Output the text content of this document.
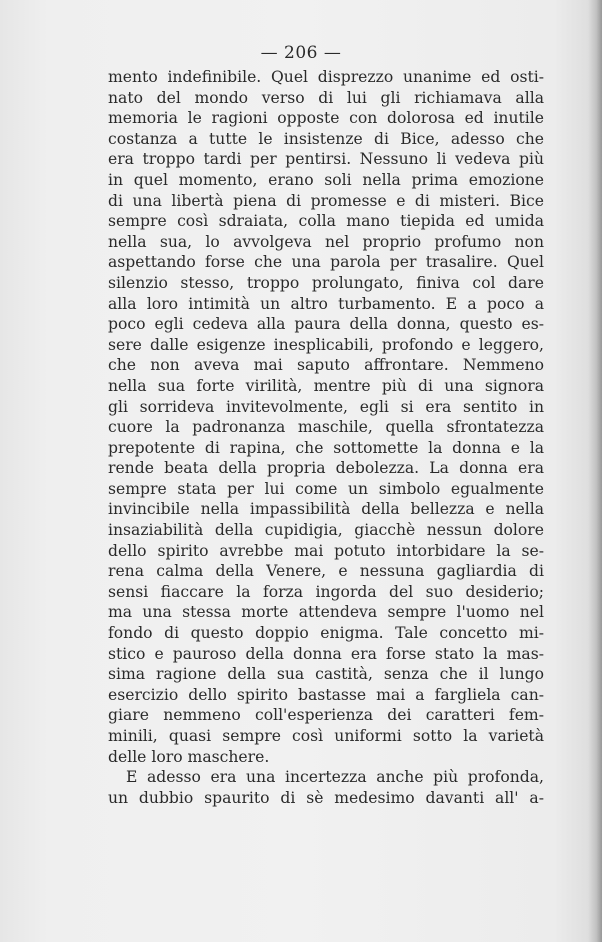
— 206 —
mento indefinibile. Quel disprezzo unanime ed osti-
nato del mondo verso di lui gli richiamava alla
memoria le ragioni opposte con dolorosa ed inutile
costanza a tutte le insistenze di Bice, adesso che
era troppo tardi per pentirsi. Nessuno li vedeva più
in quel momento, erano soli nella prima emozione
di una libertà piena di promesse e di misteri. Bice
sempre così sdraiata, colla mano tiepida ed umida
nella sua, lo avvolgeva nel proprio profumo non
aspettando forse che una parola per trasalire. Quel
silenzio stesso, troppo prolungato, finiva col dare
alla loro intimità un altro turbamento. E a poco a
poco egli cedeva alla paura della donna, questo es-
sere dalle esigenze inesplicabili, profondo e leggero,
che non aveva mai saputo affrontare. Nemmeno
nella sua forte virilità, mentre più di una signora
gli sorrideva invitevolmente, egli si era sentito in
cuore la padronanza maschile, quella sfrontatezza
prepotente di rapina, che sottomette la donna e la
rende beata della propria debolezza. La donna era
sempre stata per lui come un simbolo egualmente
invincibile nella impassibilità della bellezza e nella
insaziabilità della cupidigia, giacchè nessun dolore
dello spirito avrebbe mai potuto intorbidare la se-
rena calma della Venere, e nessuna gagliardia di
sensi fiaccare la forza ingorda del suo desiderio;
ma una stessa morte attendeva sempre l'uomo nel
fondo di questo doppio enigma. Tale concetto mi-
stico e pauroso della donna era forse stato la mas-
sima ragione della sua castità, senza che il lungo
esercizio dello spirito bastasse mai a fargliela can-
giare nemmeno coll'esperienza dei caratteri fem-
minili, quasi sempre così uniformi sotto la varietà
delle loro maschere.
E adesso era una incertezza anche più profonda,
un dubbio spaurito di sè medesimo davanti all' a-
